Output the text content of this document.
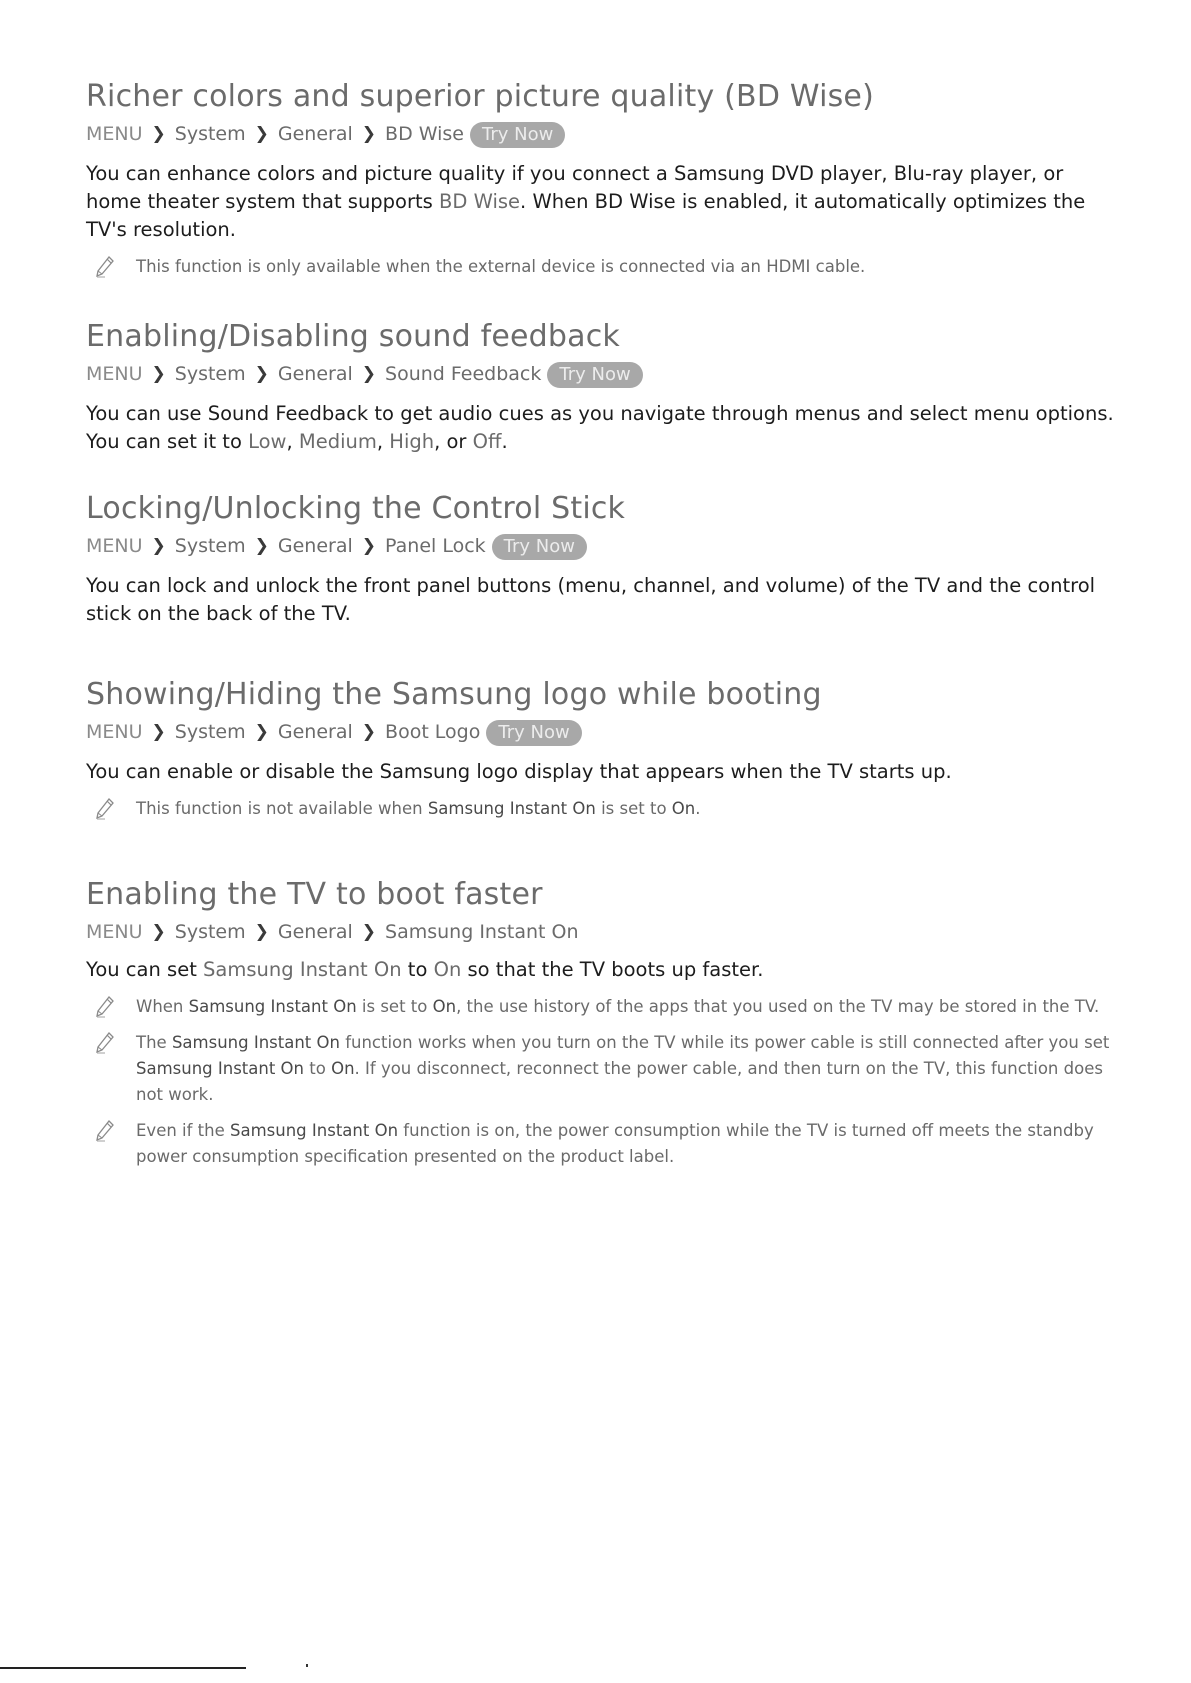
Richer colors and superior picture quality (BD Wise)
MENU ❯ System ❯ General ❯ BD Wise	Try Now

You can enhance colors and picture quality if you connect a Samsung DVD player, Blu-ray player, or home theater system that supports BD Wise. When BD Wise is enabled, it automatically optimizes the TV's resolution.

This function is only available when the external device is connected via an HDMI cable.
Enabling/Disabling sound feedback
MENU ❯ System ❯ General ❯ Sound Feedback	Try Now

You can use Sound Feedback to get audio cues as you navigate through menus and select menu options. You can set it to Low, Medium, High, or Off.

Locking/Unlocking the Control Stick
MENU ❯ System ❯ General ❯ Panel Lock	Try Now

You can lock and unlock the front panel buttons (menu, channel, and volume) of the TV and the control stick on the back of the TV.

Showing/Hiding the Samsung logo while booting
MENU ❯ System ❯ General ❯ Boot Logo	Try Now

You can enable or disable the Samsung logo display that appears when the TV starts up.

This function is not available when Samsung Instant On is set to On.
Enabling the TV to boot faster
MENU ❯ System ❯ General ❯ Samsung Instant On

You can set Samsung Instant On to On so that the TV boots up faster.

When Samsung Instant On is set to On, the use history of the apps that you used on the TV may be stored in the TV.
The Samsung Instant On function works when you turn on the TV while its power cable is still connected after you set Samsung Instant On to On. If you disconnect, reconnect the power cable, and then turn on the TV, this function does not work.
Even if the Samsung Instant On function is on, the power consumption while the TV is turned off meets the standby power consumption specification presented on the product label.
